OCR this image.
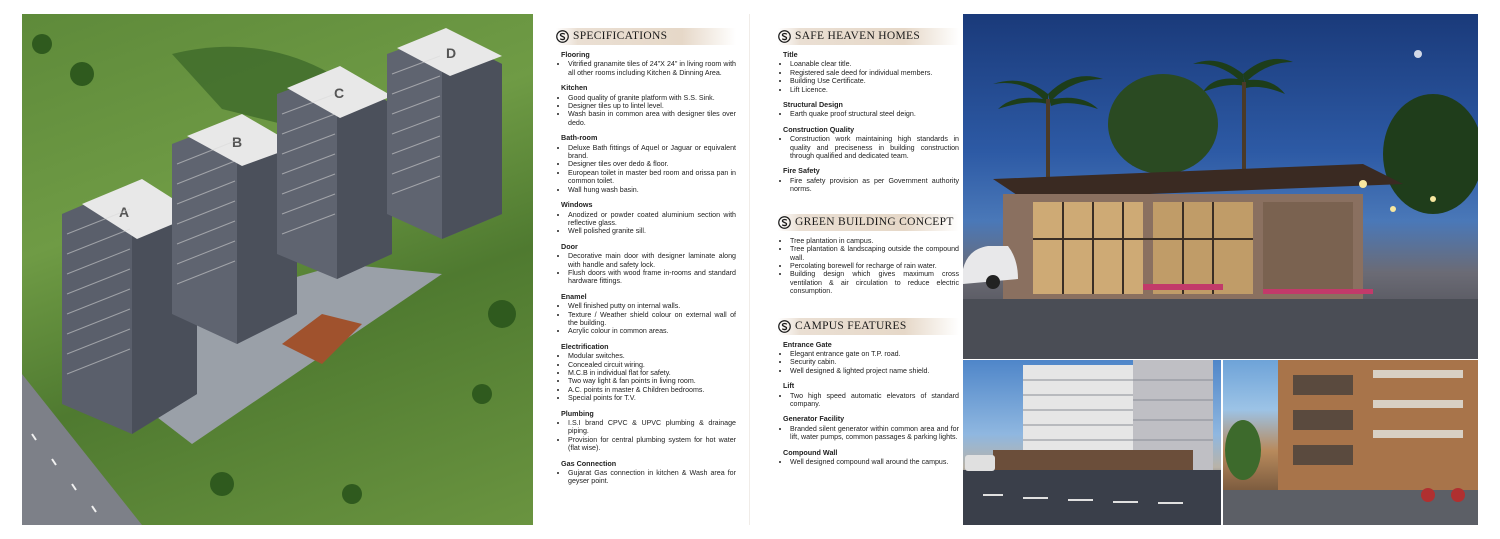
A
B
C
D
SPECIFICATIONS
Flooring
• Vitrified granamite tiles of 24"X 24" in living room with all other rooms including Kitchen & Dinning Area.
Kitchen
• Good quality of granite platform with S.S. Sink.
• Designer tiles up to lintel level.
• Wash basin in common area with designer tiles over dedo.
Bath-room
• Deluxe Bath fittings of Aquel or Jaguar or equivalent brand.
• Designer tiles over dedo & floor.
• European toilet in master bed room and orissa pan in common toilet.
• Wall hung wash basin.
Windows
• Anodized or powder coated aluminium section with reflective glass.
• Well polished granite sill.
Door
• Decorative main door with designer laminate along with handle and safety lock.
• Flush doors with wood frame in-rooms and standard hardware fittings.
Enamel
• Well finished putty on internal walls.
• Texture / Weather shield colour on external wall of the building.
• Acrylic colour in common areas.
Electrification
• Modular switches.
• Concealed circuit wiring.
• M.C.B in individual flat for safety.
• Two way light & fan points in living room.
• A.C. points in master & Children bedrooms.
• Special points for T.V.
Plumbing
• I.S.I brand CPVC & UPVC plumbing & drainage piping.
• Provision for central plumbing system for hot water (flat wise).
Gas Connection
• Gujarat Gas connection in kitchen & Wash area for geyser point.
SAFE HEAVEN HOMES
Title
• Loanable clear title.
• Registered sale deed for individual members.
• Building Use Certificate.
• Lift Licence.
Structural Design
• Earth quake proof structural steel deign.
Construction Quality
• Construction work maintaining high standards in quality and preciseness in building construction through qualified and dedicated team.
Fire Safety
• Fire safety provision as per Government authority norms.
GREEN BUILDING CONCEPT
• Tree plantation in campus.
• Tree plantation & landscaping outside the compound wall.
• Percolating borewell for recharge of rain water.
• Building design which gives maximum cross ventilation & air circulation to reduce electric consumption.
CAMPUS FEATURES
Entrance Gate
• Elegant entrance gate on T.P. road.
• Security cabin.
• Well designed & lighted project name shield.
Lift
• Two high speed automatic elevators of standard company.
Generator Facility
• Branded silent generator within common area and for lift, water pumps, common passages & parking lights.
Compound Wall
• Well designed compound wall around the campus.
